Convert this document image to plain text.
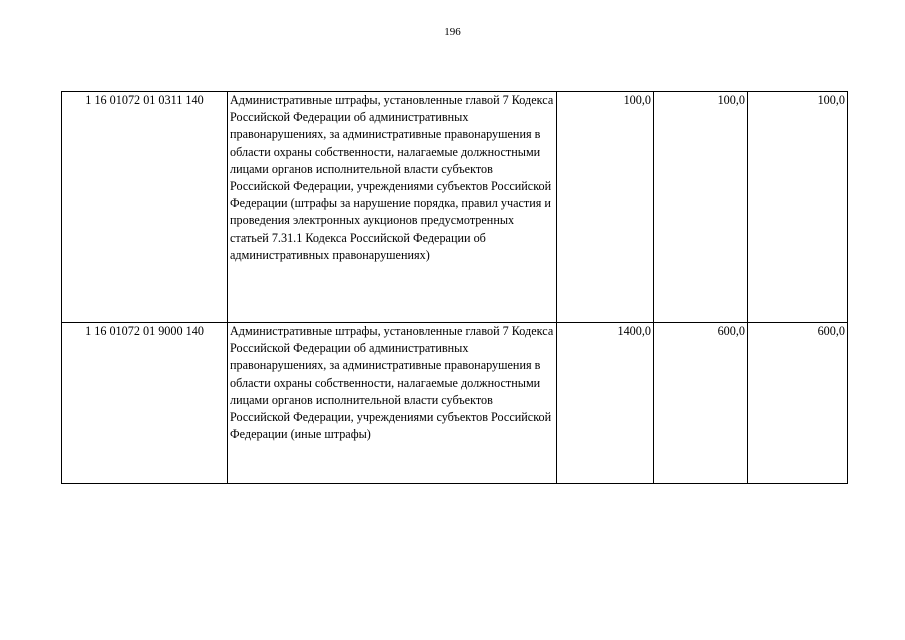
196
1 16 01072 01 0311 140	Административные штрафы, установленные главой 7 Кодекса Российской Федерации об административных правонарушениях, за административные правонарушения в области охраны собственности, налагаемые должностными лицами органов исполнительной власти субъектов Российской Федерации, учреждениями субъектов Российской Федерации (штрафы за нарушение порядка, правил участия и проведения электронных аукционов предусмотренных статьей 7.31.1 Кодекса Российской Федерации об административных правонарушениях)	100,0	100,0	100,0
1 16 01072 01 9000 140	Административные штрафы, установленные главой 7 Кодекса Российской Федерации об административных правонарушениях, за административные правонарушения в области охраны собственности, налагаемые должностными лицами органов исполнительной власти субъектов Российской Федерации, учреждениями субъектов Российской Федерации (иные штрафы)	1400,0	600,0	600,0
